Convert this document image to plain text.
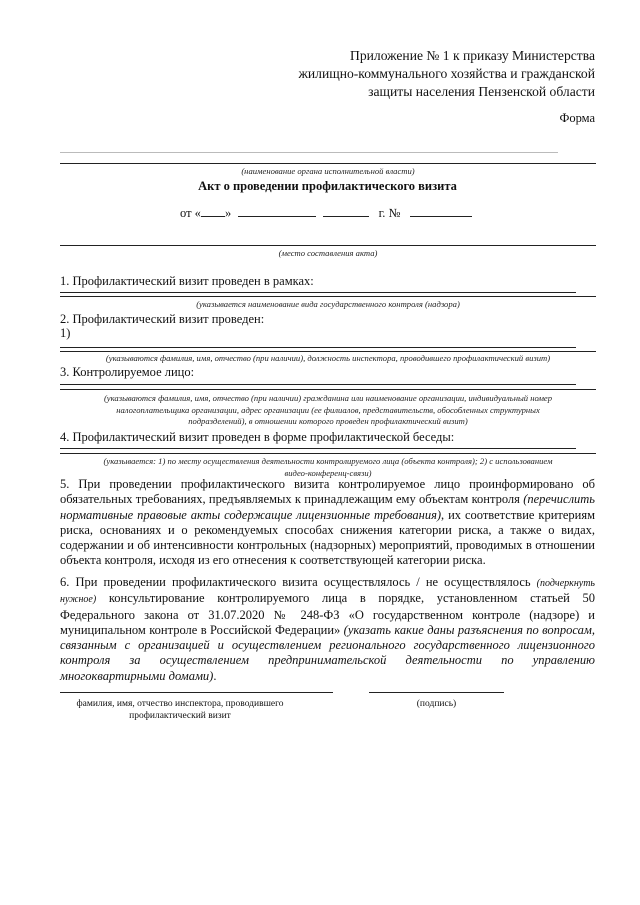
Приложение № 1 к приказу Министерства
жилищно-коммунального хозяйства и гражданской
защиты населения Пензенской области
Форма
(наименование органа исполнительной власти)
Акт о проведении профилактического визита
от « »	г. №
(место составления акта)
1. Профилактический визит проведен в рамках:
(указывается наименование вида государственного контроля (надзора)
2. Профилактический визит проведен:
1)
(указываются фамилия, имя, отчество (при наличии), должность инспектора, проводившего профилактический визит)
3. Контролируемое лицо:
(указываются фамилия, имя, отчество (при наличии) гражданина или наименование организации, индивидуальный номер
налогоплательщика организации, адрес организации (ее филиалов, представительств, обособленных структурных
подразделений), в отношении которого проведен профилактический визит)
4. Профилактический визит проведен в форме профилактической беседы:
(указывается: 1) по месту осуществления деятельности контролируемого лица (объекта контроля); 2) с использованием
видео-конференц-связи)
5. При проведении профилактического визита контролируемое лицо проинформировано об обязательных требованиях, предъявляемых к принадлежащим ему объектам контроля (перечислить нормативные правовые акты содержащие лицензионные требования), их соответствие критериям риска, основаниях и о рекомендуемых способах снижения категории риска, а также о видах, содержании и об интенсивности контрольных (надзорных) мероприятий, проводимых в отношении объекта контроля, исходя из его отнесения к соответствующей категории риска.
6. При проведении профилактического визита осуществлялось / не осуществлялось (подчеркнуть нужное) консультирование контролируемого лица в порядке, установленном статьей 50 Федерального закона от 31.07.2020 № 248-ФЗ «О государственном контроле (надзоре) и муниципальном контроле в Российской Федерации» (указать какие даны разъяснения по вопросам, связанным с организацией и осуществлением регионального государственного лицензионного контроля за осуществлением предпринимательской деятельности по управлению многоквартирными домами).
фамилия, имя, отчество инспектора, проводившего
профилактический визит
(подпись)
